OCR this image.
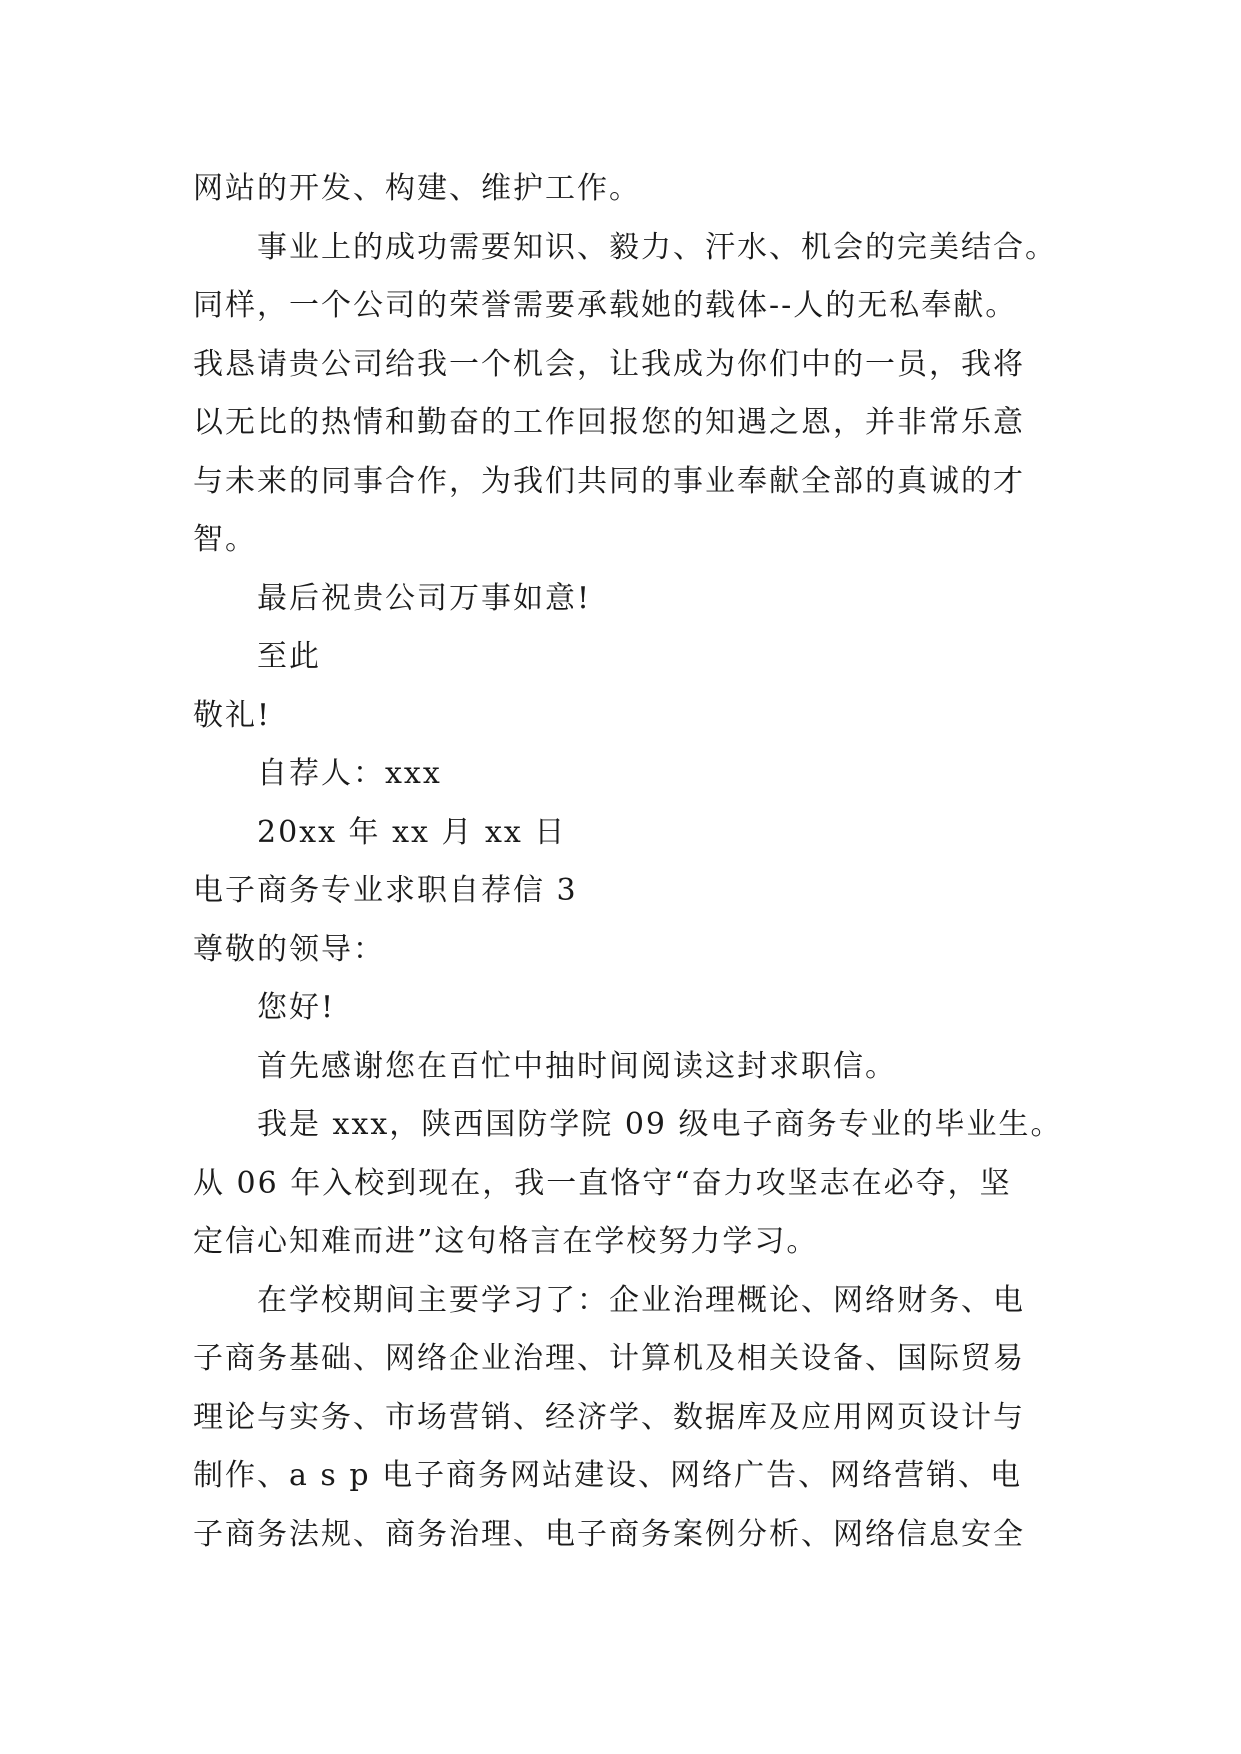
网站的开发、构建、维护工作。
事业上的成功需要知识、毅力、汗水、机会的完美结合。
同样，一个公司的荣誉需要承载她的载体--人的无私奉献。
我恳请贵公司给我一个机会，让我成为你们中的一员，我将
以无比的热情和勤奋的工作回报您的知遇之恩，并非常乐意
与未来的同事合作，为我们共同的事业奉献全部的真诚的才
智。
最后祝贵公司万事如意!
至此
敬礼!
自荐人：xxx
20xx 年 xx 月 xx 日
电子商务专业求职自荐信 3
尊敬的领导：
您好!
首先感谢您在百忙中抽时间阅读这封求职信。
我是 xxx，陕西国防学院 09 级电子商务专业的毕业生。
从 06 年入校到现在，我一直恪守“奋力攻坚志在必夺，坚
定信心知难而进”这句格言在学校努力学习。
在学校期间主要学习了：企业治理概论、网络财务、电
子商务基础、网络企业治理、计算机及相关设备、国际贸易
理论与实务、市场营销、经济学、数据库及应用网页设计与
制作、a s p 电子商务网站建设、网络广告、网络营销、电
子商务法规、商务治理、电子商务案例分析、网络信息安全
